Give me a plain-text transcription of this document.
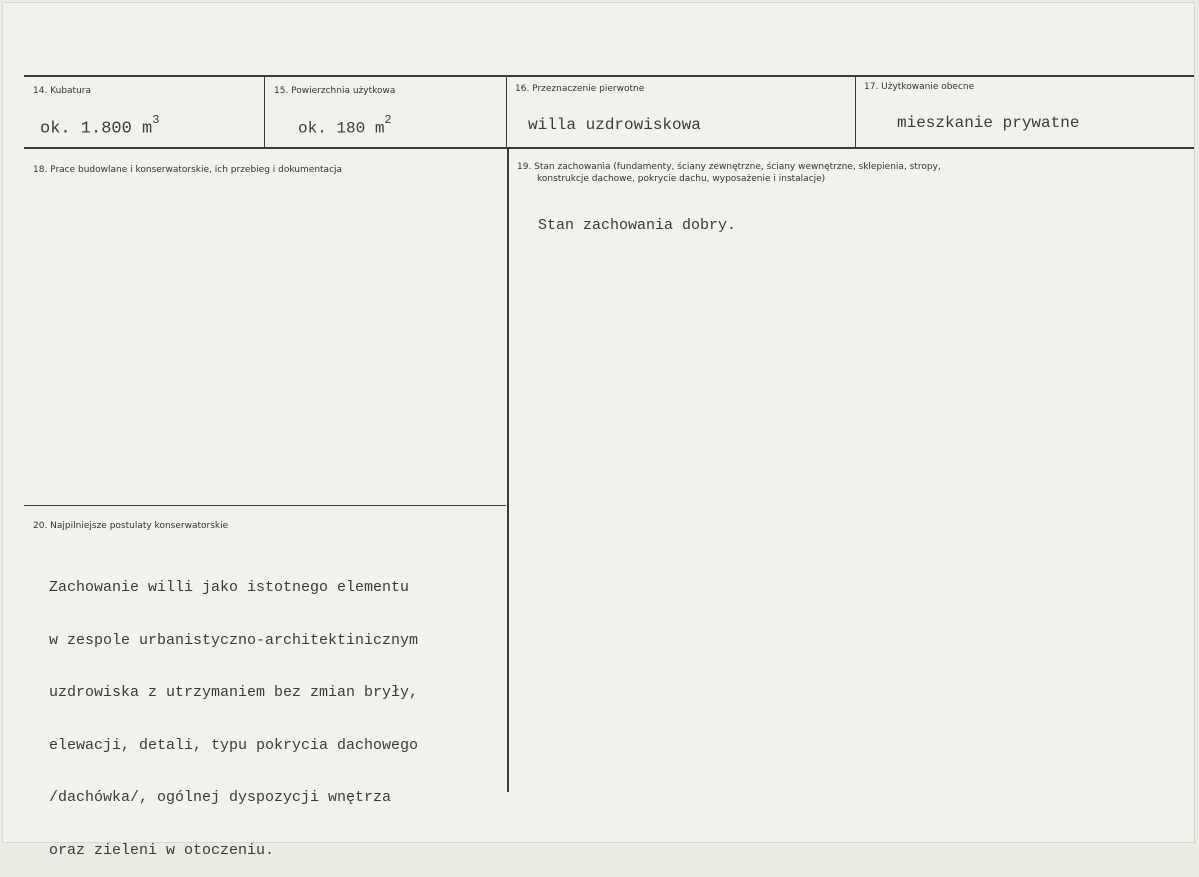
14. Kubatura
ok. 1.800 $m^3$
15. Powierzchnia użytkowa
ok. 180 $m^2$
16. Przeznaczenie pierwotne
willa uzdrowiskowa
17. Użytkowanie obecne
mieszkanie prywatne
18. Prace budowlane i konserwatorskie, ich przebieg i dokumentacja	19. Stan zachowania (fundamenty, ściany zewnętrzne, ściany wewnętrzne, sklepienia, stropy,
konstrukcje dachowe, pokrycie dachu, wyposażenie i instalacje)
Stan zachowania dobry.
20. Najpilniejsze postulaty konserwatorskie

Zachowanie willi jako istotnego elementu

w zespole urbanistyczno-architektinicznym

uzdrowiska z utrzymaniem bez zmian bryły,

elewacji, detali, typu pokrycia dachowego

/dachówka/, ogólnej dyspozycji wnętrza

oraz zieleni w otoczeniu.
